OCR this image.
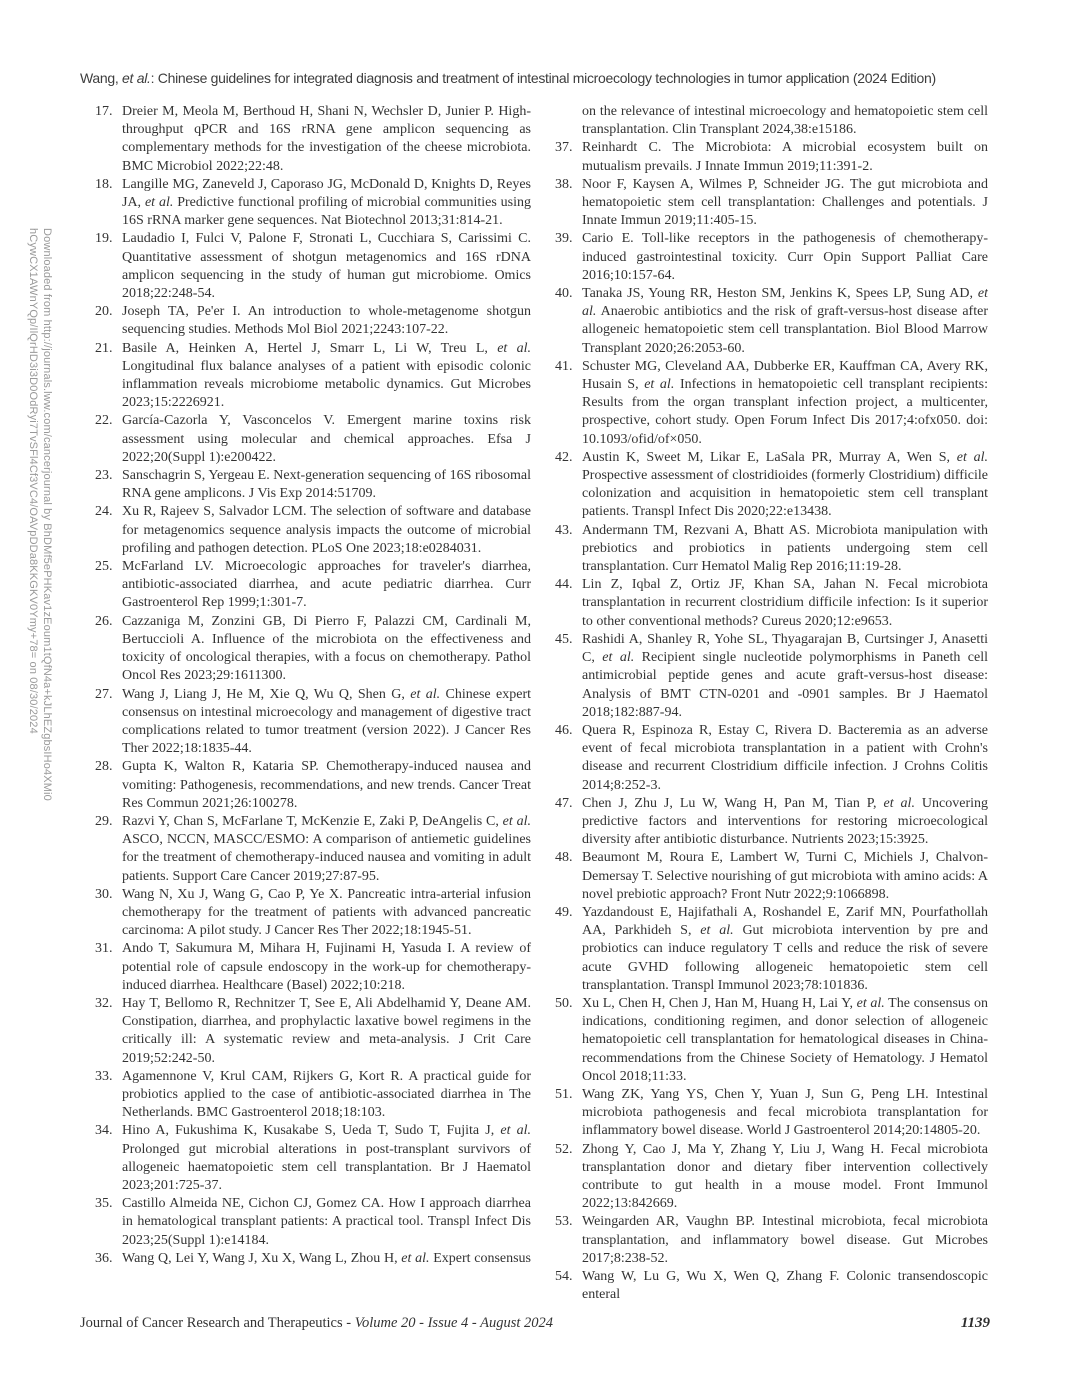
Downloaded from http://journals.lww.com/cancerjournal by BhDMf5ePHKav1zEoum1tQfN4a+kJLhEZgbsIHo4XMi0
hCywCX1AWnYQp/IlQrHD3i3D0OdRyi7TvSFl4Cf3VC4/OAVpDDa8KKGKV0Ymy+78= on 08/30/2024
Wang, et al.: Chinese guidelines for integrated diagnosis and treatment of intestinal microecology technologies in tumor application (2024 Edition)
17. Dreier M, Meola M, Berthoud H, Shani N, Wechsler D, Junier P. High-throughput qPCR and 16S rRNA gene amplicon sequencing as complementary methods for the investigation of the cheese microbiota. BMC Microbiol 2022;22:48.
18. Langille MG, Zaneveld J, Caporaso JG, McDonald D, Knights D, Reyes JA, et al. Predictive functional profiling of microbial communities using 16S rRNA marker gene sequences. Nat Biotechnol 2013;31:814-21.
19. Laudadio I, Fulci V, Palone F, Stronati L, Cucchiara S, Carissimi C. Quantitative assessment of shotgun metagenomics and 16S rDNA amplicon sequencing in the study of human gut microbiome. Omics 2018;22:248-54.
20. Joseph TA, Pe'er I. An introduction to whole-metagenome shotgun sequencing studies. Methods Mol Biol 2021;2243:107-22.
21. Basile A, Heinken A, Hertel J, Smarr L, Li W, Treu L, et al. Longitudinal flux balance analyses of a patient with episodic colonic inflammation reveals microbiome metabolic dynamics. Gut Microbes 2023;15:2226921.
22. García-Cazorla Y, Vasconcelos V. Emergent marine toxins risk assessment using molecular and chemical approaches. Efsa J 2022;20(Suppl 1):e200422.
23. Sanschagrin S, Yergeau E. Next-generation sequencing of 16S ribosomal RNA gene amplicons. J Vis Exp 2014:51709.
24. Xu R, Rajeev S, Salvador LCM. The selection of software and database for metagenomics sequence analysis impacts the outcome of microbial profiling and pathogen detection. PLoS One 2023;18:e0284031.
25. McFarland LV. Microecologic approaches for traveler's diarrhea, antibiotic-associated diarrhea, and acute pediatric diarrhea. Curr Gastroenterol Rep 1999;1:301-7.
26. Cazzaniga M, Zonzini GB, Di Pierro F, Palazzi CM, Cardinali M, Bertuccioli A. Influence of the microbiota on the effectiveness and toxicity of oncological therapies, with a focus on chemotherapy. Pathol Oncol Res 2023;29:1611300.
27. Wang J, Liang J, He M, Xie Q, Wu Q, Shen G, et al. Chinese expert consensus on intestinal microecology and management of digestive tract complications related to tumor treatment (version 2022). J Cancer Res Ther 2022;18:1835-44.
28. Gupta K, Walton R, Kataria SP. Chemotherapy-induced nausea and vomiting: Pathogenesis, recommendations, and new trends. Cancer Treat Res Commun 2021;26:100278.
29. Razvi Y, Chan S, McFarlane T, McKenzie E, Zaki P, DeAngelis C, et al. ASCO, NCCN, MASCC/ESMO: A comparison of antiemetic guidelines for the treatment of chemotherapy-induced nausea and vomiting in adult patients. Support Care Cancer 2019;27:87-95.
30. Wang N, Xu J, Wang G, Cao P, Ye X. Pancreatic intra-arterial infusion chemotherapy for the treatment of patients with advanced pancreatic carcinoma: A pilot study. J Cancer Res Ther 2022;18:1945-51.
31. Ando T, Sakumura M, Mihara H, Fujinami H, Yasuda I. A review of potential role of capsule endoscopy in the work-up for chemotherapy-induced diarrhea. Healthcare (Basel) 2022;10:218.
32. Hay T, Bellomo R, Rechnitzer T, See E, Ali Abdelhamid Y, Deane AM. Constipation, diarrhea, and prophylactic laxative bowel regimens in the critically ill: A systematic review and meta-analysis. J Crit Care 2019;52:242-50.
33. Agamennone V, Krul CAM, Rijkers G, Kort R. A practical guide for probiotics applied to the case of antibiotic-associated diarrhea in The Netherlands. BMC Gastroenterol 2018;18:103.
34. Hino A, Fukushima K, Kusakabe S, Ueda T, Sudo T, Fujita J, et al. Prolonged gut microbial alterations in post-transplant survivors of allogeneic haematopoietic stem cell transplantation. Br J Haematol 2023;201:725-37.
35. Castillo Almeida NE, Cichon CJ, Gomez CA. How I approach diarrhea in hematological transplant patients: A practical tool. Transpl Infect Dis 2023;25(Suppl 1):e14184.
36. Wang Q, Lei Y, Wang J, Xu X, Wang L, Zhou H, et al. Expert consensus
on the relevance of intestinal microecology and hematopoietic stem cell transplantation. Clin Transplant 2024,38:e15186.
37. Reinhardt C. The Microbiota: A microbial ecosystem built on mutualism prevails. J Innate Immun 2019;11:391-2.
38. Noor F, Kaysen A, Wilmes P, Schneider JG. The gut microbiota and hematopoietic stem cell transplantation: Challenges and potentials. J Innate Immun 2019;11:405-15.
39. Cario E. Toll-like receptors in the pathogenesis of chemotherapy-induced gastrointestinal toxicity. Curr Opin Support Palliat Care 2016;10:157-64.
40. Tanaka JS, Young RR, Heston SM, Jenkins K, Spees LP, Sung AD, et al. Anaerobic antibiotics and the risk of graft-versus-host disease after allogeneic hematopoietic stem cell transplantation. Biol Blood Marrow Transplant 2020;26:2053-60.
41. Schuster MG, Cleveland AA, Dubberke ER, Kauffman CA, Avery RK, Husain S, et al. Infections in hematopoietic cell transplant recipients: Results from the organ transplant infection project, a multicenter, prospective, cohort study. Open Forum Infect Dis 2017;4:ofx050. doi: 10.1093/ofid/of×050.
42. Austin K, Sweet M, Likar E, LaSala PR, Murray A, Wen S, et al. Prospective assessment of clostridioides (formerly Clostridium) difficile colonization and acquisition in hematopoietic stem cell transplant patients. Transpl Infect Dis 2020;22:e13438.
43. Andermann TM, Rezvani A, Bhatt AS. Microbiota manipulation with prebiotics and probiotics in patients undergoing stem cell transplantation. Curr Hematol Malig Rep 2016;11:19-28.
44. Lin Z, Iqbal Z, Ortiz JF, Khan SA, Jahan N. Fecal microbiota transplantation in recurrent clostridium difficile infection: Is it superior to other conventional methods? Cureus 2020;12:e9653.
45. Rashidi A, Shanley R, Yohe SL, Thyagarajan B, Curtsinger J, Anasetti C, et al. Recipient single nucleotide polymorphisms in Paneth cell antimicrobial peptide genes and acute graft-versus-host disease: Analysis of BMT CTN-0201 and -0901 samples. Br J Haematol 2018;182:887-94.
46. Quera R, Espinoza R, Estay C, Rivera D. Bacteremia as an adverse event of fecal microbiota transplantation in a patient with Crohn's disease and recurrent Clostridium difficile infection. J Crohns Colitis 2014;8:252-3.
47. Chen J, Zhu J, Lu W, Wang H, Pan M, Tian P, et al. Uncovering predictive factors and interventions for restoring microecological diversity after antibiotic disturbance. Nutrients 2023;15:3925.
48. Beaumont M, Roura E, Lambert W, Turni C, Michiels J, Chalvon-Demersay T. Selective nourishing of gut microbiota with amino acids: A novel prebiotic approach? Front Nutr 2022;9:1066898.
49. Yazdandoust E, Hajifathali A, Roshandel E, Zarif MN, Pourfathollah AA, Parkhideh S, et al. Gut microbiota intervention by pre and probiotics can induce regulatory T cells and reduce the risk of severe acute GVHD following allogeneic hematopoietic stem cell transplantation. Transpl Immunol 2023;78:101836.
50. Xu L, Chen H, Chen J, Han M, Huang H, Lai Y, et al. The consensus on indications, conditioning regimen, and donor selection of allogeneic hematopoietic cell transplantation for hematological diseases in China-recommendations from the Chinese Society of Hematology. J Hematol Oncol 2018;11:33.
51. Wang ZK, Yang YS, Chen Y, Yuan J, Sun G, Peng LH. Intestinal microbiota pathogenesis and fecal microbiota transplantation for inflammatory bowel disease. World J Gastroenterol 2014;20:14805-20.
52. Zhong Y, Cao J, Ma Y, Zhang Y, Liu J, Wang H. Fecal microbiota transplantation donor and dietary fiber intervention collectively contribute to gut health in a mouse model. Front Immunol 2022;13:842669.
53. Weingarden AR, Vaughn BP. Intestinal microbiota, fecal microbiota transplantation, and inflammatory bowel disease. Gut Microbes 2017;8:238-52.
54. Wang W, Lu G, Wu X, Wen Q, Zhang F. Colonic transendoscopic enteral
Journal of Cancer Research and Therapeutics - Volume 20 - Issue 4 - August 2024	1139
